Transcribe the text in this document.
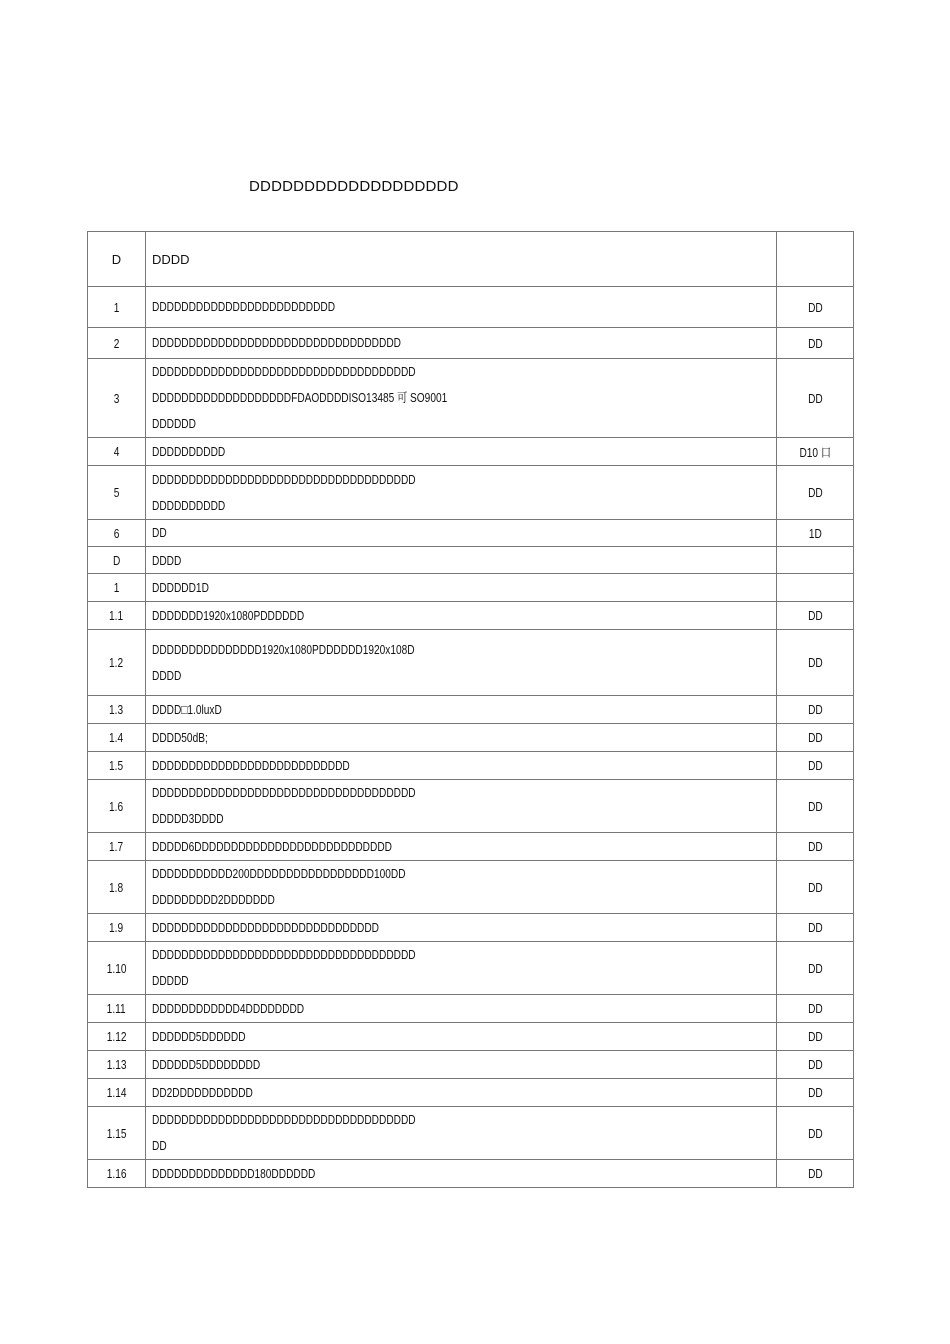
DDDDDDDDDDDDDDDDDDD
D	DDDD	
1	DDDDDDDDDDDDDDDDDDDDDDDDD	DD
2	DDDDDDDDDDDDDDDDDDDDDDDDDDDDDDDDDD	DD
3	DDDDDDDDDDDDDDDDDDDDDDDDDDDDDDDDDDDD
DDDDDDDDDDDDDDDDDDDFDAODDDDISO13485 可 SO9001
DDDDDD	DD
4	DDDDDDDDDD	D10 口
5	DDDDDDDDDDDDDDDDDDDDDDDDDDDDDDDDDDDD
DDDDDDDDDD	DD
6	DD	1D
D	DDDD	
1	DDDDDD1D	

1.1	DDDDDDD1920x1080PDDDDDD	DD
1.2	DDDDDDDDDDDDDDD1920x1080PDDDDDD1920x108D
DDDD	DD
1.3	DDDD□1.0luxD	DD
1.4	DDDD50dB;	DD
1.5	DDDDDDDDDDDDDDDDDDDDDDDDDDD	DD
1.6	DDDDDDDDDDDDDDDDDDDDDDDDDDDDDDDDDDDD
DDDDD3DDDD	DD
1.7	DDDDD6DDDDDDDDDDDDDDDDDDDDDDDDDDD	DD
1.8	DDDDDDDDDDD200DDDDDDDDDDDDDDDDD100DD
DDDDDDDDD2DDDDDDD	DD
1.9	DDDDDDDDDDDDDDDDDDDDDDDDDDDDDDD	DD
1.10	DDDDDDDDDDDDDDDDDDDDDDDDDDDDDDDDDDDD
DDDDD	DD
1.11	DDDDDDDDDDDD4DDDDDDDD	DD
1.12	DDDDDD5DDDDDD	DD
1.13	DDDDDD5DDDDDDDD	DD
1.14	DD2DDDDDDDDDDD	DD
1.15	DDDDDDDDDDDDDDDDDDDDDDDDDDDDDDDDDDDD
DD	DD
1.16	DDDDDDDDDDDDDD180DDDDDD	DD
